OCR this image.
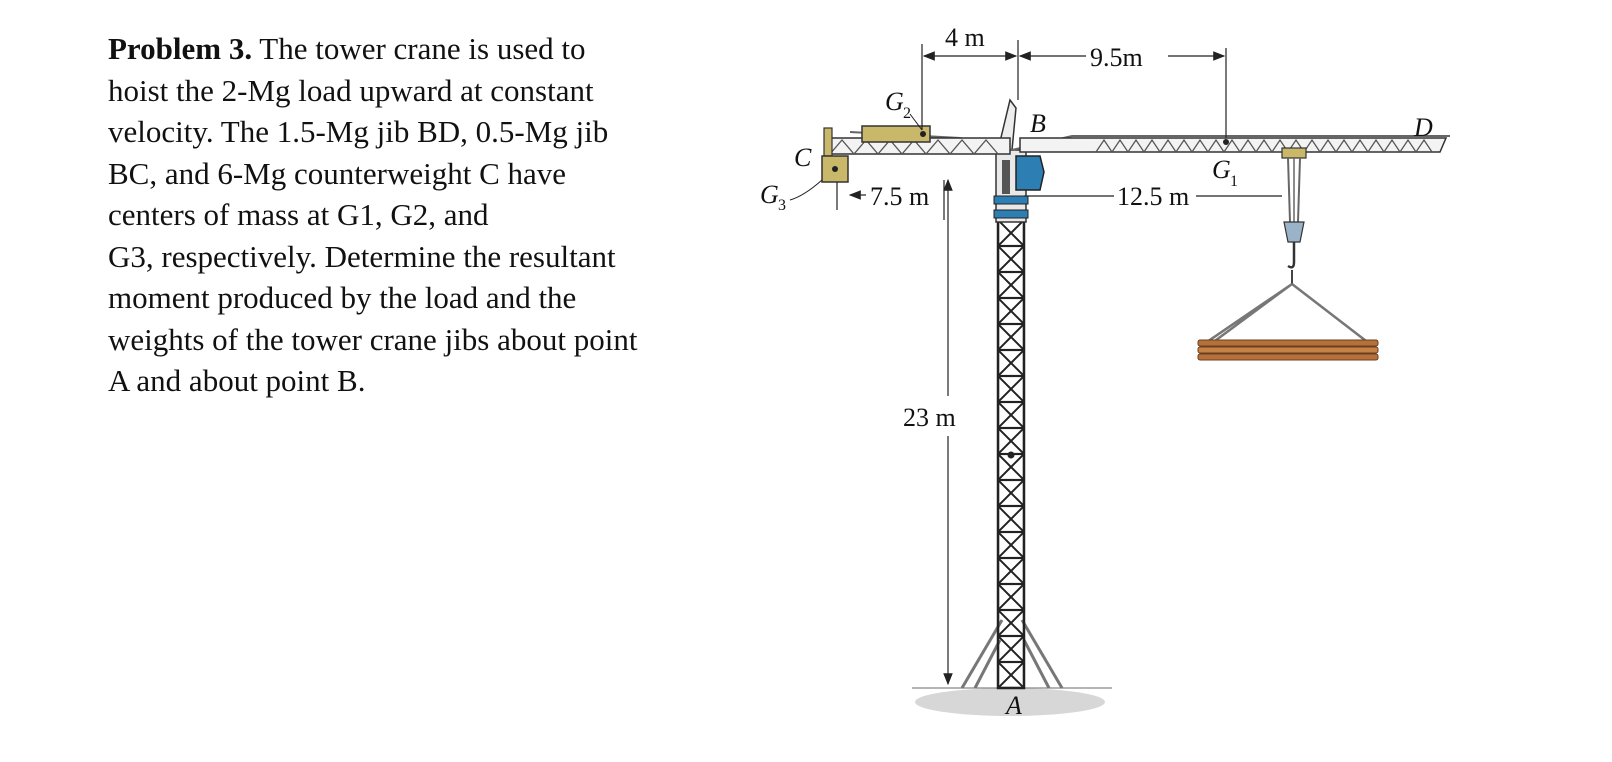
Problem 3. The tower crane is used to
hoist the 2-Mg load upward at constant
velocity. The 1.5-Mg jib BD, 0.5-Mg jib
BC, and 6-Mg counterweight C have
centers of mass at G1, G2, and
G3, respectively. Determine the resultant
moment produced by the load and the
weights of the tower crane jibs about point
A and about point B.
4 m
9.5m
7.5 m	12.5 m
23 m
B	D
C
A
G 1
G 2
G 3
